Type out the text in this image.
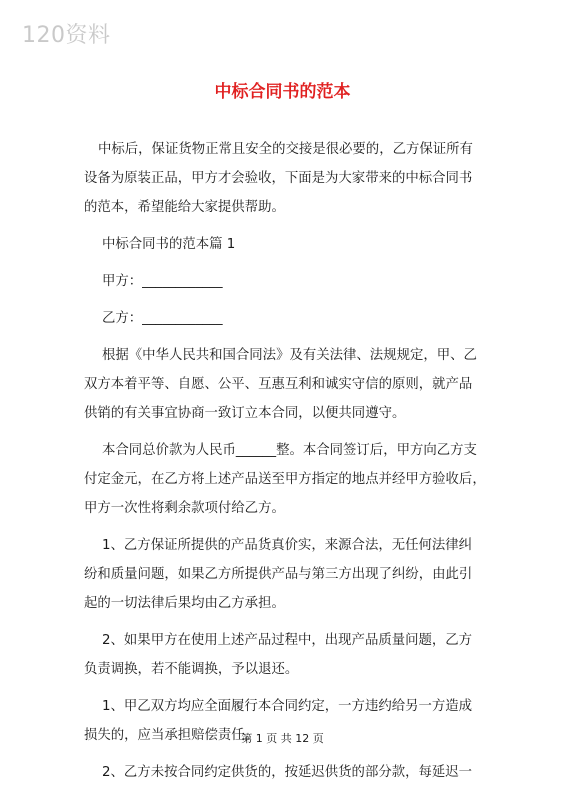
120资料
中标合同书的范本
中标后，保证货物正常且安全的交接是很必要的，乙方保证所有
设备为原装正品，甲方才会验收，下面是为大家带来的中标合同书
的范本，希望能给大家提供帮助。
中标合同书的范本篇 1
甲方：____________
乙方：____________
根据《中华人民共和国合同法》及有关法律、法规规定，甲、乙
双方本着平等、自愿、公平、互惠互利和诚实守信的原则，就产品
供销的有关事宜协商一致订立本合同，以便共同遵守。
本合同总价款为人民币______整。本合同签订后，甲方向乙方支
付定金元，在乙方将上述产品送至甲方指定的地点并经甲方验收后，
甲方一次性将剩余款项付给乙方。
1、乙方保证所提供的产品货真价实，来源合法，无任何法律纠
纷和质量问题，如果乙方所提供产品与第三方出现了纠纷，由此引
起的一切法律后果均由乙方承担。
2、如果甲方在使用上述产品过程中，出现产品质量问题，乙方
负责调换，若不能调换，予以退还。
1、甲乙双方均应全面履行本合同约定，一方违约给另一方造成
损失的，应当承担赔偿责任。
2、乙方未按合同约定供货的，按延迟供货的部分款，每延迟一
第 1 页 共 12 页
